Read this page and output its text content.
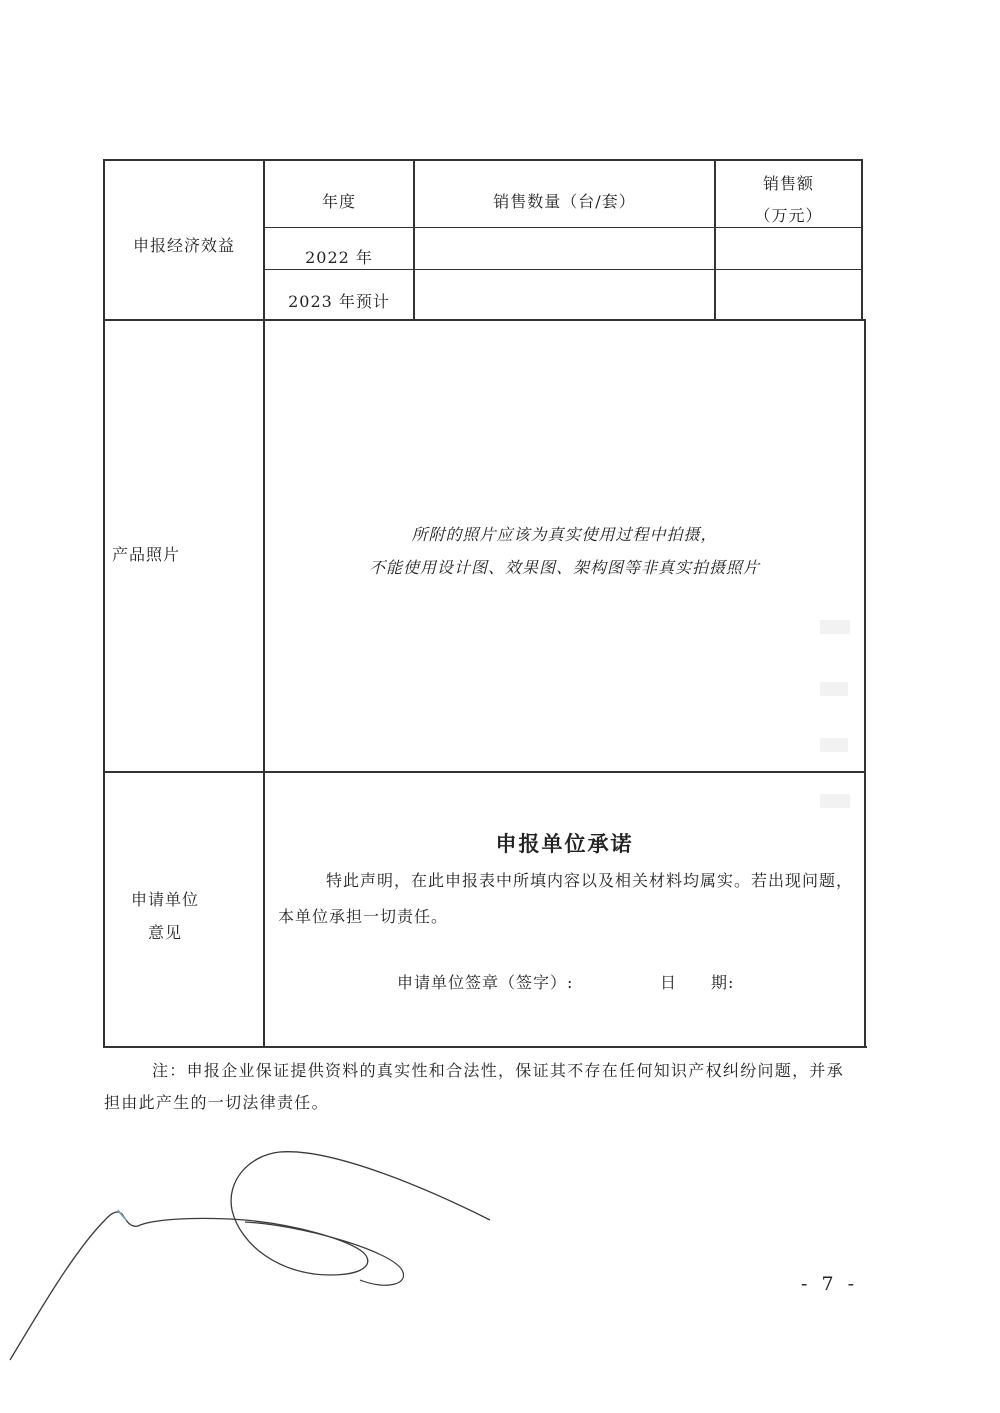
申报经济效益
年度	销售数量（台/套）
销售额
（万元）
2022 年
2023 年预计
产品照片
所附的照片应该为真实使用过程中拍摄，
不能使用设计图、效果图、架构图等非真实拍摄照片
申请单位
意见
申报单位承诺
特此声明，在此申报表中所填内容以及相关材料均属实。若出现问题，
本单位承担一切责任。
申请单位签章（签字）:	日　　期:
注：申报企业保证提供资料的真实性和合法性，保证其不存在任何知识产权纠纷问题，并承
担由此产生的一切法律责任。
- 7 -
